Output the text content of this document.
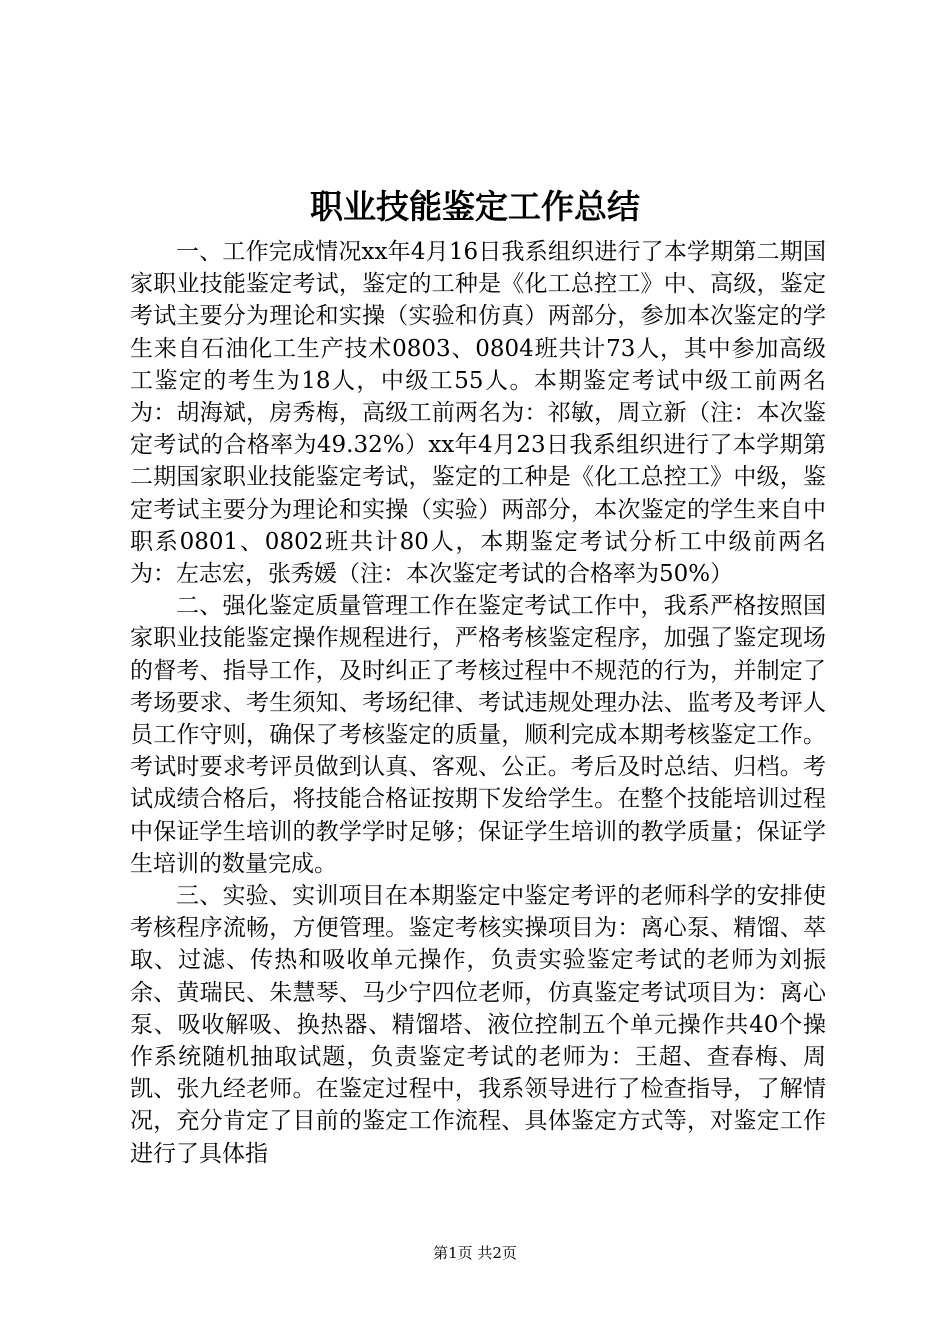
职业技能鉴定工作总结

一、工作完成情况xx年4月16日我系组织进行了本学期第二期国家职业技能鉴定考试，鉴定的工种是《化工总控工》中、高级，鉴定考试主要分为理论和实操（实验和仿真）两部分，参加本次鉴定的学生来自石油化工生产技术0803、0804班共计73人，其中参加高级工鉴定的考生为18人，中级工55人。本期鉴定考试中级工前两名为：胡海斌，房秀梅，高级工前两名为：祁敏，周立新（注：本次鉴定考试的合格率为49.32%）xx年4月23日我系组织进行了本学期第二期国家职业技能鉴定考试，鉴定的工种是《化工总控工》中级，鉴定考试主要分为理论和实操（实验）两部分，本次鉴定的学生来自中职系0801、0802班共计80人，本期鉴定考试分析工中级前两名为：左志宏，张秀媛（注：本次鉴定考试的合格率为50%）

二、强化鉴定质量管理工作在鉴定考试工作中，我系严格按照国家职业技能鉴定操作规程进行，严格考核鉴定程序，加强了鉴定现场的督考、指导工作，及时纠正了考核过程中不规范的行为，并制定了考场要求、考生须知、考场纪律、考试违规处理办法、监考及考评人员工作守则，确保了考核鉴定的质量，顺利完成本期考核鉴定工作。考试时要求考评员做到认真、客观、公正。考后及时总结、归档。考试成绩合格后，将技能合格证按期下发给学生。在整个技能培训过程中保证学生培训的教学学时足够；保证学生培训的教学质量；保证学生培训的数量完成。

三、实验、实训项目在本期鉴定中鉴定考评的老师科学的安排使考核程序流畅，方便管理。鉴定考核实操项目为：离心泵、精馏、萃取、过滤、传热和吸收单元操作，负责实验鉴定考试的老师为刘振余、黄瑞民、朱慧琴、马少宁四位老师，仿真鉴定考试项目为：离心泵、吸收解吸、换热器、精馏塔、液位控制五个单元操作共40个操作系统随机抽取试题，负责鉴定考试的老师为：王超、查春梅、周凯、张九经老师。在鉴定过程中，我系领导进行了检查指导，了解情况，充分肯定了目前的鉴定工作流程、具体鉴定方式等，对鉴定工作进行了具体指

第1页 共2页
